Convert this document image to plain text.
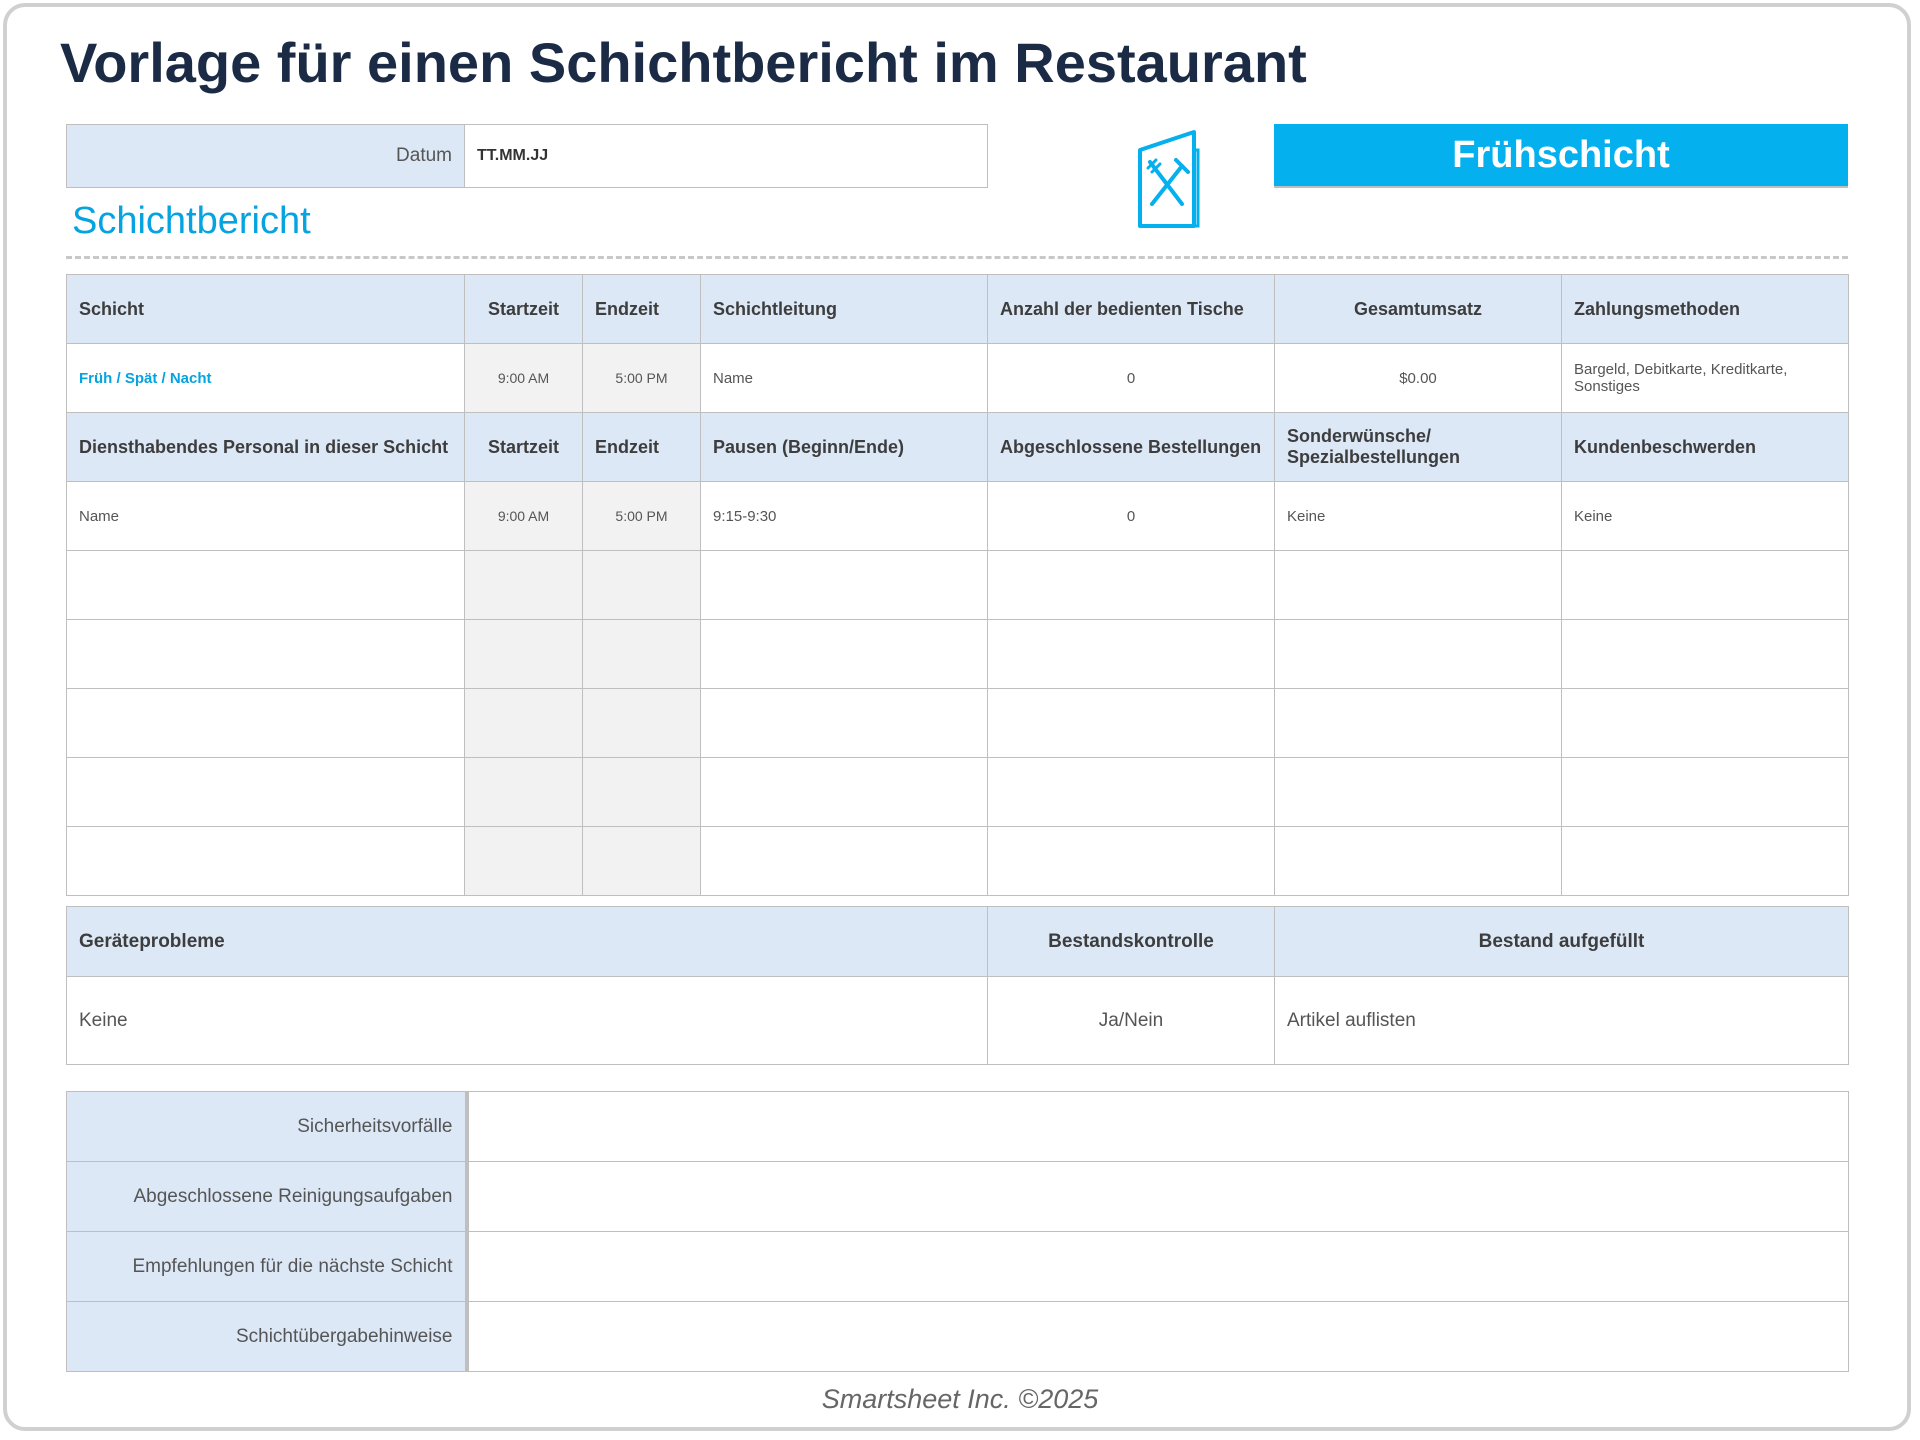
Vorlage für einen Schichtbericht im Restaurant
Datum	TT.MM.JJ	Frühschicht
Schichtbericht
Schicht	Startzeit	Endzeit	Schichtleitung	Anzahl der bedienten Tische	Gesamtumsatz	Zahlungsmethoden
Früh / Spät / Nacht	9:00 AM	5:00 PM	Name	0	$0.00	Bargeld, Debitkarte, Kreditkarte, Sonstiges
Diensthabendes Personal in dieser Schicht	Startzeit	Endzeit	Pausen (Beginn/Ende)	Abgeschlossene Bestellungen	Sonderwünsche/ Spezialbestellungen	Kundenbeschwerden
Name	9:00 AM	5:00 PM	9:15-9:30	0	Keine	Keine

Geräteprobleme	Bestandskontrolle	Bestand aufgefüllt
Keine	Ja/Nein	Artikel auflisten
Sicherheitsvorfälle	
Abgeschlossene Reinigungsaufgaben	
Empfehlungen für die nächste Schicht	
Schichtübergabehinweise	
Smartsheet Inc. ©2025
